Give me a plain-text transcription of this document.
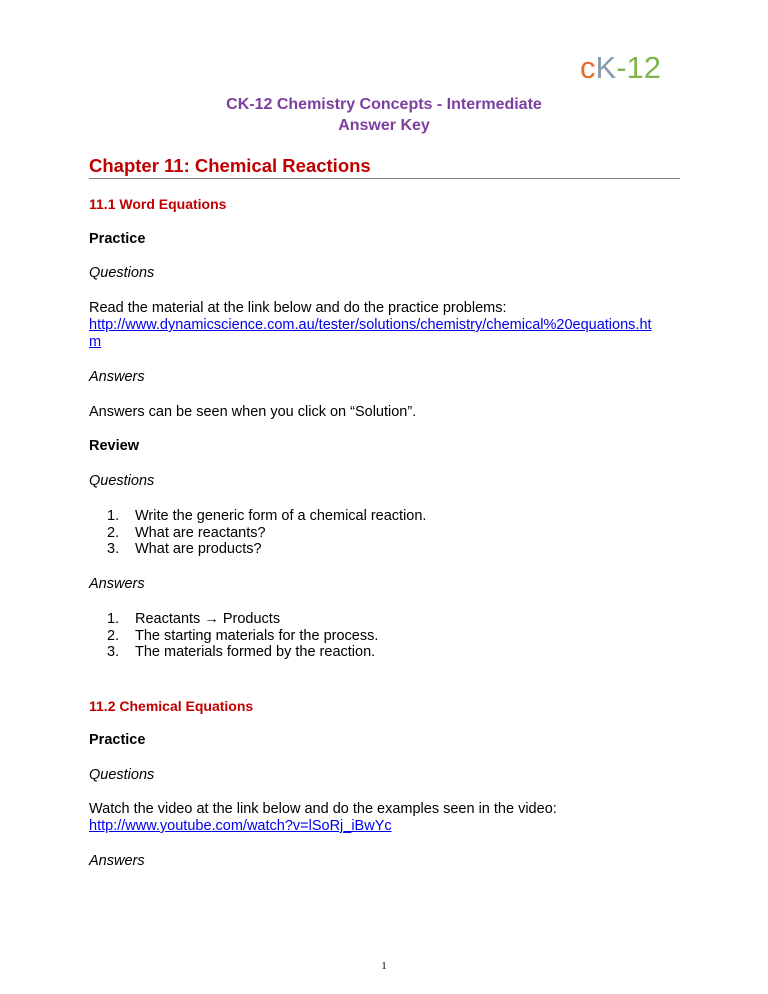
cK-12
CK-12 Chemistry Concepts - Intermediate
Answer Key
Chapter 11: Chemical Reactions
11.1 Word Equations
Practice
Questions
Read the material at the link below and do the practice problems:
http://www.dynamicscience.com.au/tester/solutions/chemistry/chemical%20equations.ht
m
Answers
Answers can be seen when you click on “Solution”.
Review
Questions
1. Write the generic form of a chemical reaction.
2. What are reactants?
3. What are products?
Answers
1. Reactants → Products
2. The starting materials for the process.
3. The materials formed by the reaction.
11.2 Chemical Equations
Practice
Questions
Watch the video at the link below and do the examples seen in the video:
http://www.youtube.com/watch?v=lSoRj_iBwYc
Answers
1
